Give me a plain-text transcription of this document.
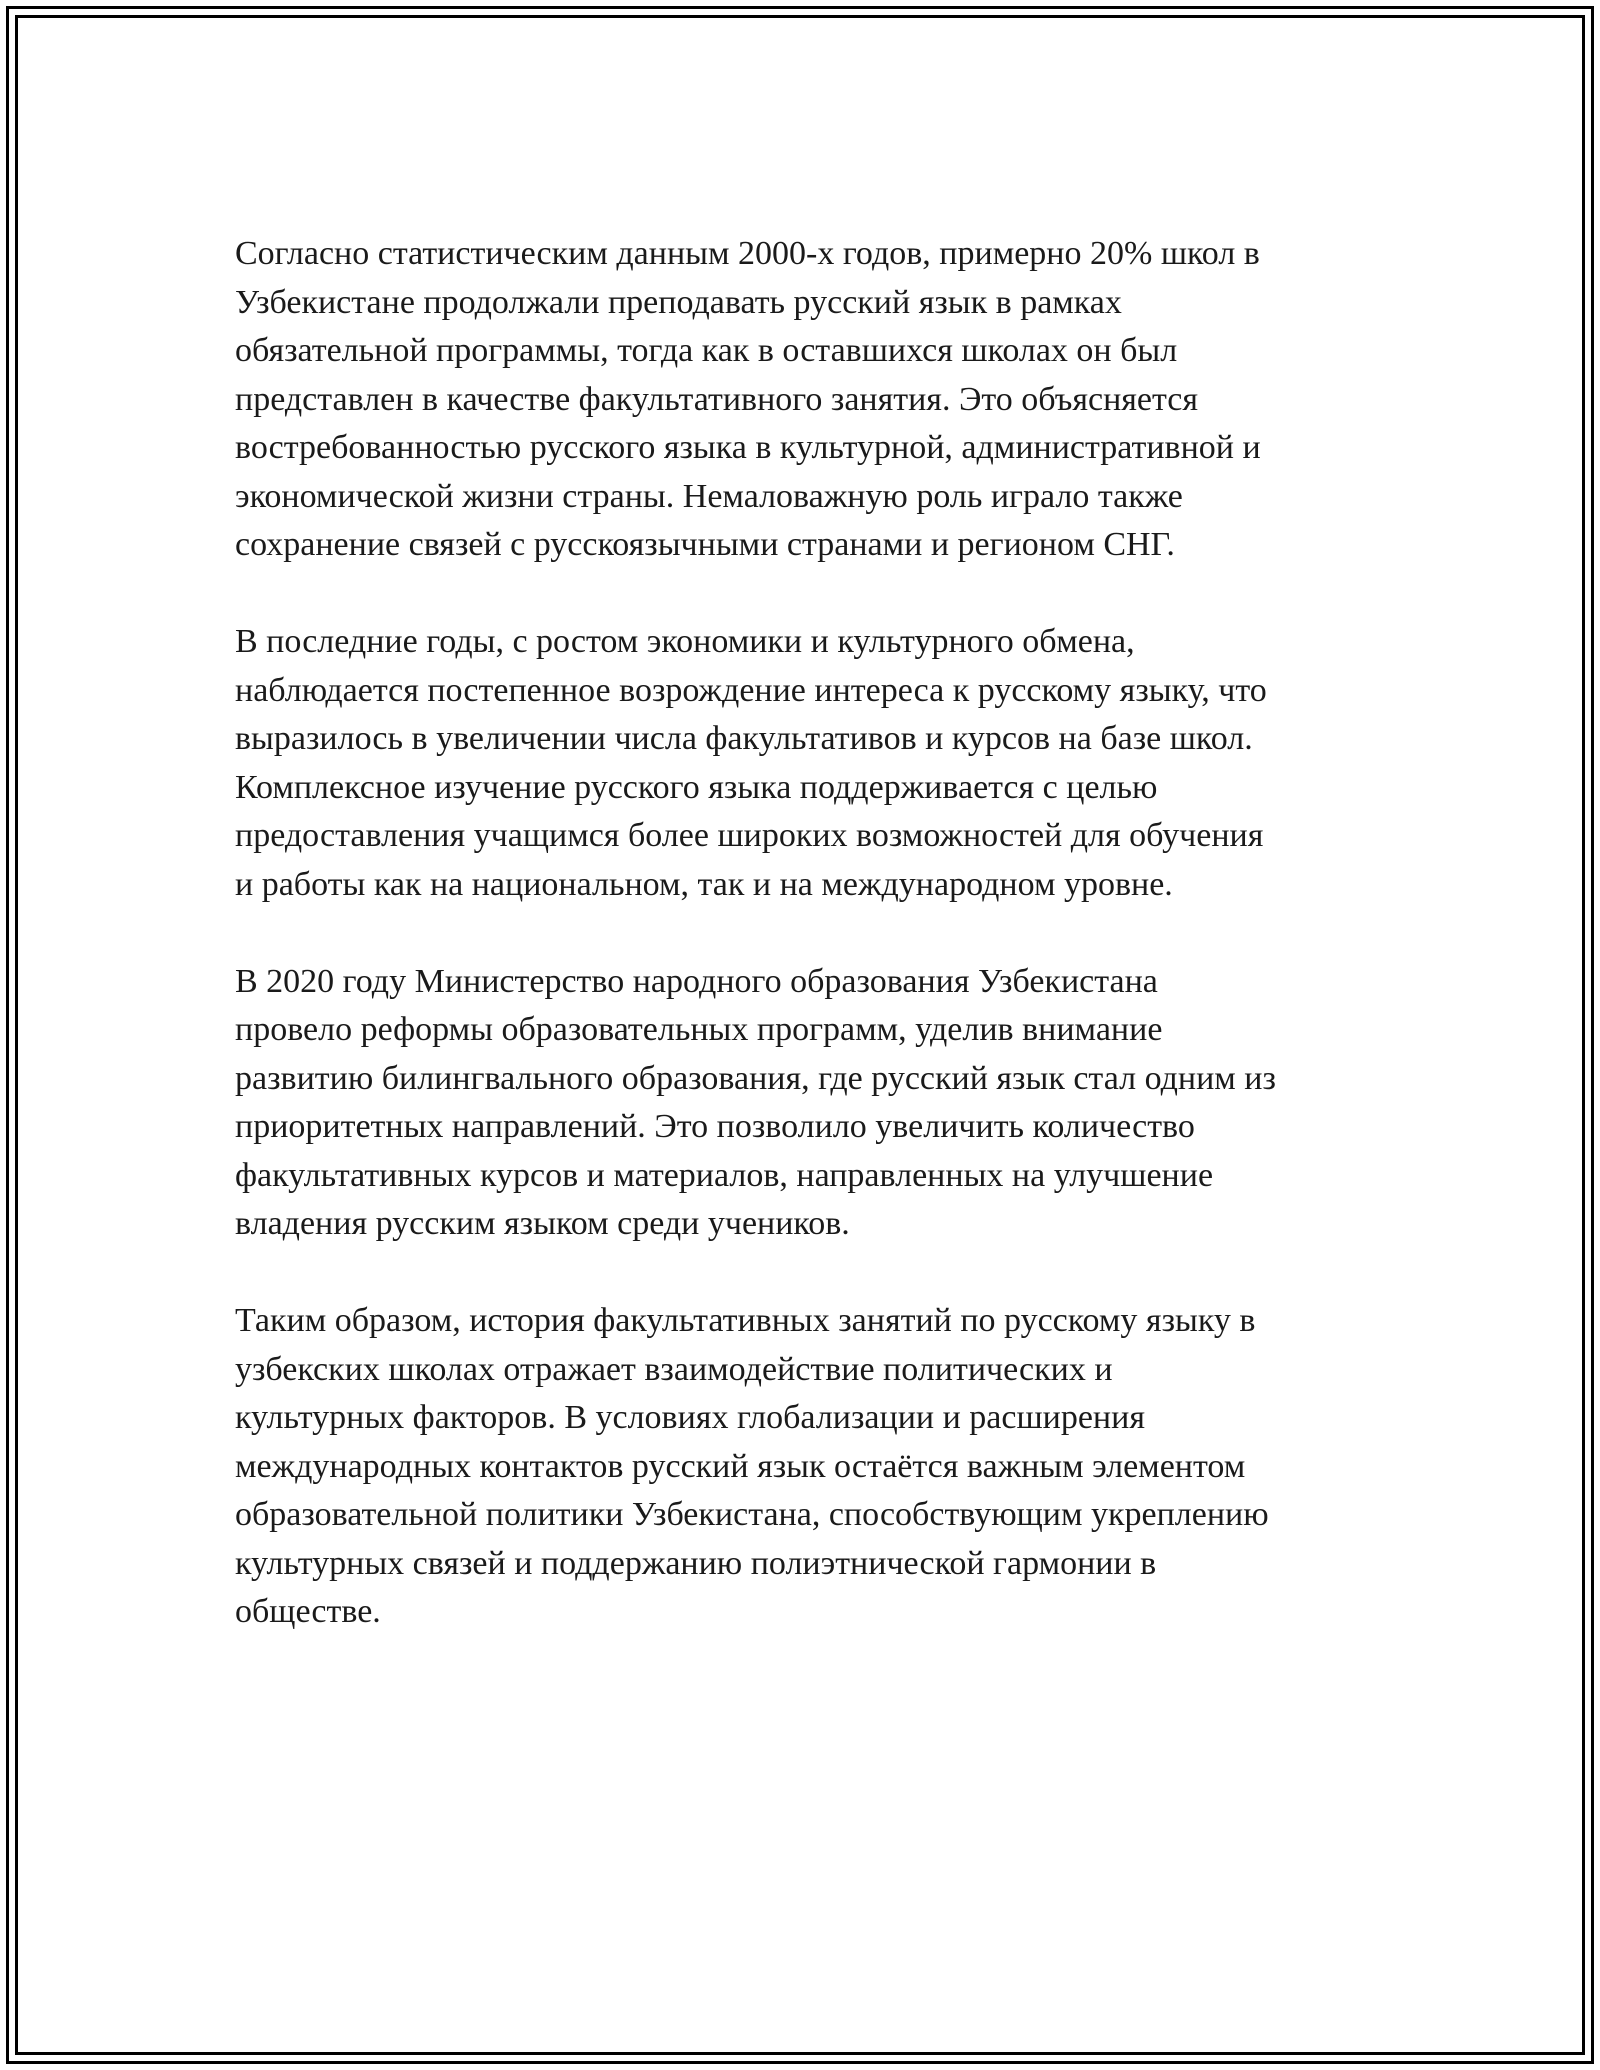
Согласно статистическим данным 2000-х годов, примерно 20% школ в
Узбекистане продолжали преподавать русский язык в рамках
обязательной программы, тогда как в оставшихся школах он был
представлен в качестве факультативного занятия. Это объясняется
востребованностью русского языка в культурной, административной и
экономической жизни страны. Немаловажную роль играло также
сохранение связей с русскоязычными странами и регионом СНГ.

В последние годы, с ростом экономики и культурного обмена,
наблюдается постепенное возрождение интереса к русскому языку, что
выразилось в увеличении числа факультативов и курсов на базе школ.
Комплексное изучение русского языка поддерживается с целью
предоставления учащимся более широких возможностей для обучения
и работы как на национальном, так и на международном уровне.

В 2020 году Министерство народного образования Узбекистана
провело реформы образовательных программ, уделив внимание
развитию билингвального образования, где русский язык стал одним из
приоритетных направлений. Это позволило увеличить количество
факультативных курсов и материалов, направленных на улучшение
владения русским языком среди учеников.

Таким образом, история факультативных занятий по русскому языку в
узбекских школах отражает взаимодействие политических и
культурных факторов. В условиях глобализации и расширения
международных контактов русский язык остаётся важным элементом
образовательной политики Узбекистана, способствующим укреплению
культурных связей и поддержанию полиэтнической гармонии в
обществе.
